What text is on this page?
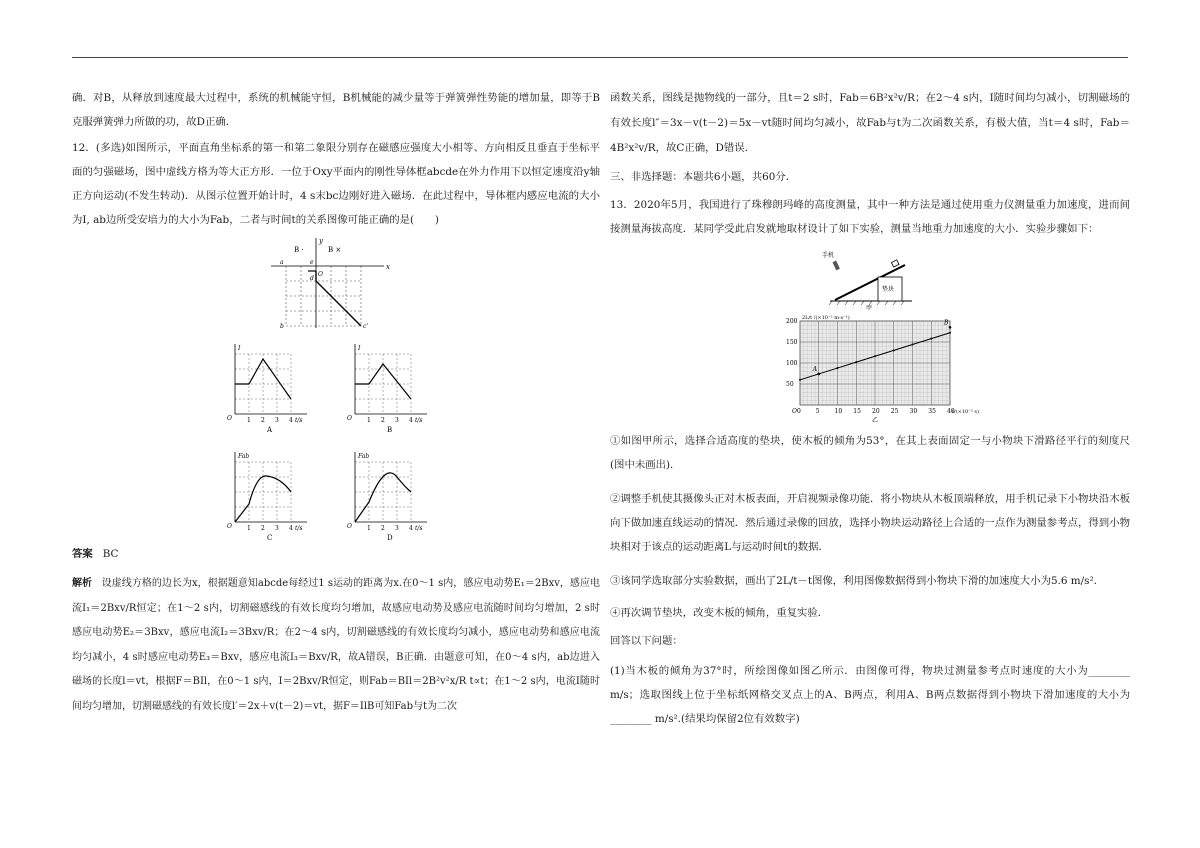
确．对B，从释放到速度最大过程中，系统的机械能守恒，B机械能的减少量等于弹簧弹性势能的增加量，即等于B克服弹簧弹力所做的功，故D正确．

12．(多选)如图所示，平面直角坐标系的第一和第二象限分别存在磁感应强度大小相等、方向相反且垂直于坐标平面的匀强磁场，图中虚线方格为等大正方形．一位于Oxy平面内的刚性导体框abcde在外力作用下以恒定速度沿y轴正方向运动(不发生转动)．从图示位置开始计时，4 s末bc边刚好进入磁场．在此过程中，导体框内感应电流的大小为I, ab边所受安培力的大小为Fab，二者与时间t的关系图像可能正确的是(　　)

B ·	B ×
x
y
a
b
e
d
O
c'
O
I
1 2 3 4 t/s
A
O
I
1 2 3 4 t/s
B
O
Fab
1 2 3 4 t/s
C
O
Fab
1 2 3 4 t/s
D

答案 BC

解析 设虚线方格的边长为x，根据题意知abcde每经过1 s运动的距离为x.在0～1 s内，感应电动势E₁＝2Bxv，感应电流I₁＝2Bxv/R恒定；在1～2 s内，切割磁感线的有效长度均匀增加，故感应电动势及感应电流随时间均匀增加，2 s时感应电动势E₂＝3Bxv，感应电流I₂＝3Bxv/R；在2～4 s内，切割磁感线的有效长度均匀减小，感应电动势和感应电流均匀减小，4 s时感应电动势E₃＝Bxv，感应电流I₃＝Bxv/R，故A错误，B正确．由题意可知，在0～4 s内，ab边进入磁场的长度l＝vt，根据F＝BIl，在0～1 s内，I＝2Bxv/R恒定，则Fab＝BIl＝2B²v²x/R t∝t；在1～2 s内，电流I随时间均匀增加，切割磁感线的有效长度l′＝2x＋v(t－2)＝vt，据F＝IlB可知Fab与t为二次

函数关系，图线是抛物线的一部分，且t＝2 s时，Fab＝6B²x²v/R；在2～4 s内，I随时间均匀减小，切割磁场的有效长度l″＝3x－v(t－2)＝5x－vt随时间均匀减小，故Fab与t为二次函数关系，有极大值，当t＝4 s时，Fab＝4B²x²v/R，故C正确，D错误．

三、非选择题：本题共6小题，共60分．

13．2020年5月，我国进行了珠穆朗玛峰的高度测量，其中一种方法是通过使用重力仪测量重力加速度，进而间接测量海拔高度．某同学受此启发就地取材设计了如下实验，测量当地重力加速度的大小．实验步骤如下：

手机
垫块
甲
50
100
150
200
0 5 10 15 20 25 30 35 40
2L/t /(×10⁻² m·s⁻¹)
t/(×10⁻² s)
O
乙
A
B

①如图甲所示，选择合适高度的垫块，使木板的倾角为53°，在其上表面固定一与小物块下滑路径平行的刻度尺(图中未画出)．

②调整手机使其摄像头正对木板表面，开启视频录像功能．将小物块从木板顶端释放，用手机记录下小物块沿木板向下做加速直线运动的情况．然后通过录像的回放，选择小物块运动路径上合适的一点作为测量参考点，得到小物块相对于该点的运动距离L与运动时间t的数据．

③该同学选取部分实验数据，画出了2L/t－t图像，利用图像数据得到小物块下滑的加速度大小为5.6 m/s²．

④再次调节垫块，改变木板的倾角，重复实验．

回答以下问题：

(1)当木板的倾角为37°时，所绘图像如图乙所示．由图像可得，物块过测量参考点时速度的大小为________ m/s；选取图线上位于坐标纸网格交叉点上的A、B两点，利用A、B两点数据得到小物块下滑加速度的大小为________ m/s².(结果均保留2位有效数字)
